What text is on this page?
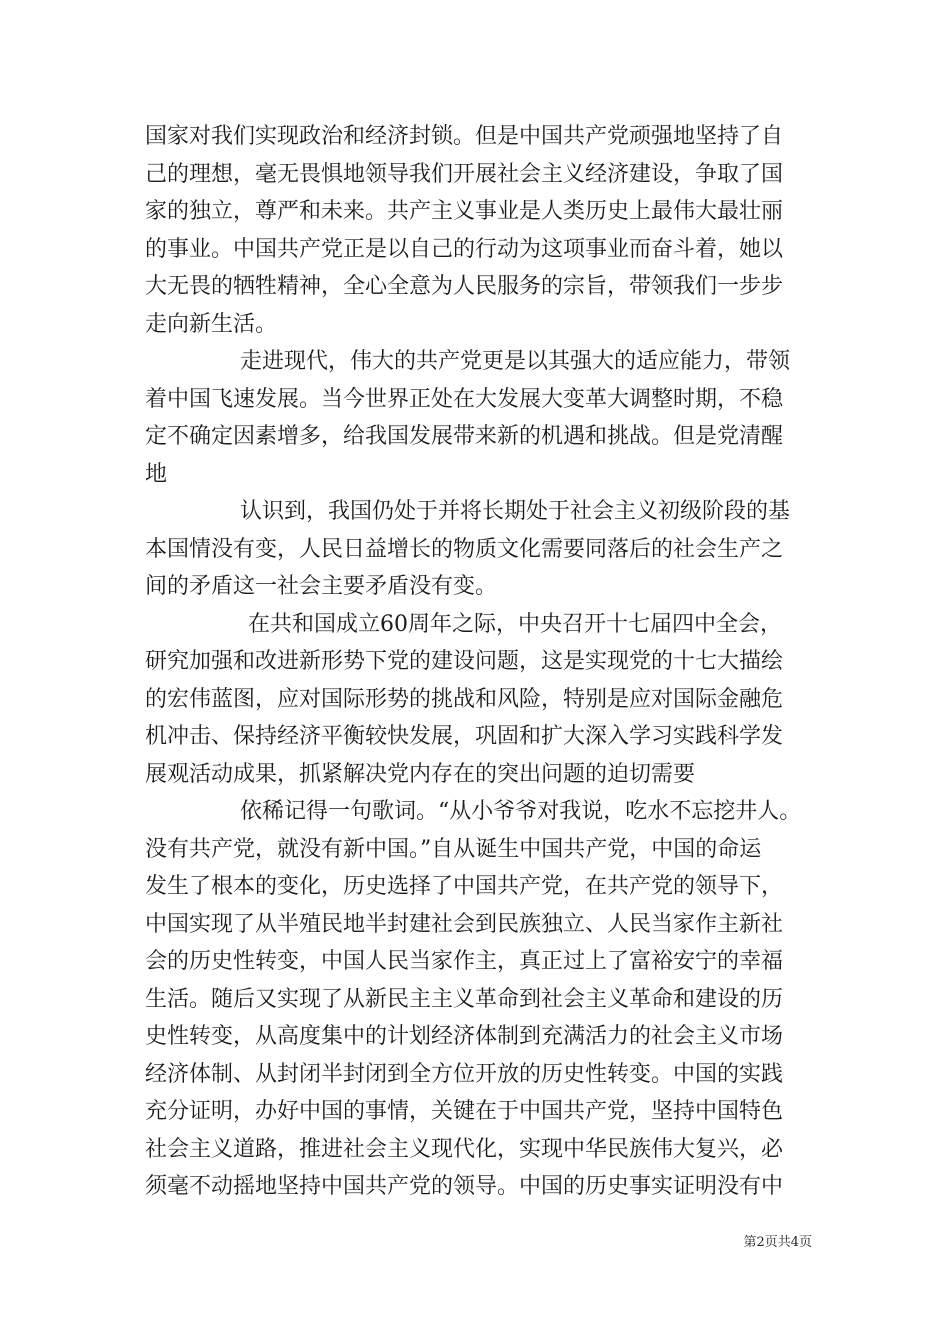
国家对我们实现政治和经济封锁。但是中国共产党顽强地坚持了自
己的理想，毫无畏惧地领导我们开展社会主义经济建设，争取了国
家的独立，尊严和未来。共产主义事业是人类历史上最伟大最壮丽
的事业。中国共产党正是以自己的行动为这项事业而奋斗着，她以
大无畏的牺牲精神，全心全意为人民服务的宗旨，带领我们一步步
走向新生活。
走进现代，伟大的共产党更是以其强大的适应能力，带领
着中国飞速发展。当今世界正处在大发展大变革大调整时期，不稳
定不确定因素增多，给我国发展带来新的机遇和挑战。但是党清醒
地
认识到，我国仍处于并将长期处于社会主义初级阶段的基
本国情没有变，人民日益增长的物质文化需要同落后的社会生产之
间的矛盾这一社会主要矛盾没有变。
在共和国成立60周年之际，中央召开十七届四中全会，
研究加强和改进新形势下党的建设问题，这是实现党的十七大描绘
的宏伟蓝图，应对国际形势的挑战和风险，特别是应对国际金融危
机冲击、保持经济平衡较快发展，巩固和扩大深入学习实践科学发
展观活动成果，抓紧解决党内存在的突出问题的迫切需要
依稀记得一句歌词。“从小爷爷对我说，吃水不忘挖井人。
没有共产党，就没有新中国。”自从诞生中国共产党，中国的命运
发生了根本的变化，历史选择了中国共产党，在共产党的领导下，
中国实现了从半殖民地半封建社会到民族独立、人民当家作主新社
会的历史性转变，中国人民当家作主，真正过上了富裕安宁的幸福
生活。随后又实现了从新民主主义革命到社会主义革命和建设的历
史性转变，从高度集中的计划经济体制到充满活力的社会主义市场
经济体制、从封闭半封闭到全方位开放的历史性转变。中国的实践
充分证明，办好中国的事情，关键在于中国共产党，坚持中国特色
社会主义道路，推进社会主义现代化，实现中华民族伟大复兴，必
须毫不动摇地坚持中国共产党的领导。中国的历史事实证明没有中
第2页共4页
